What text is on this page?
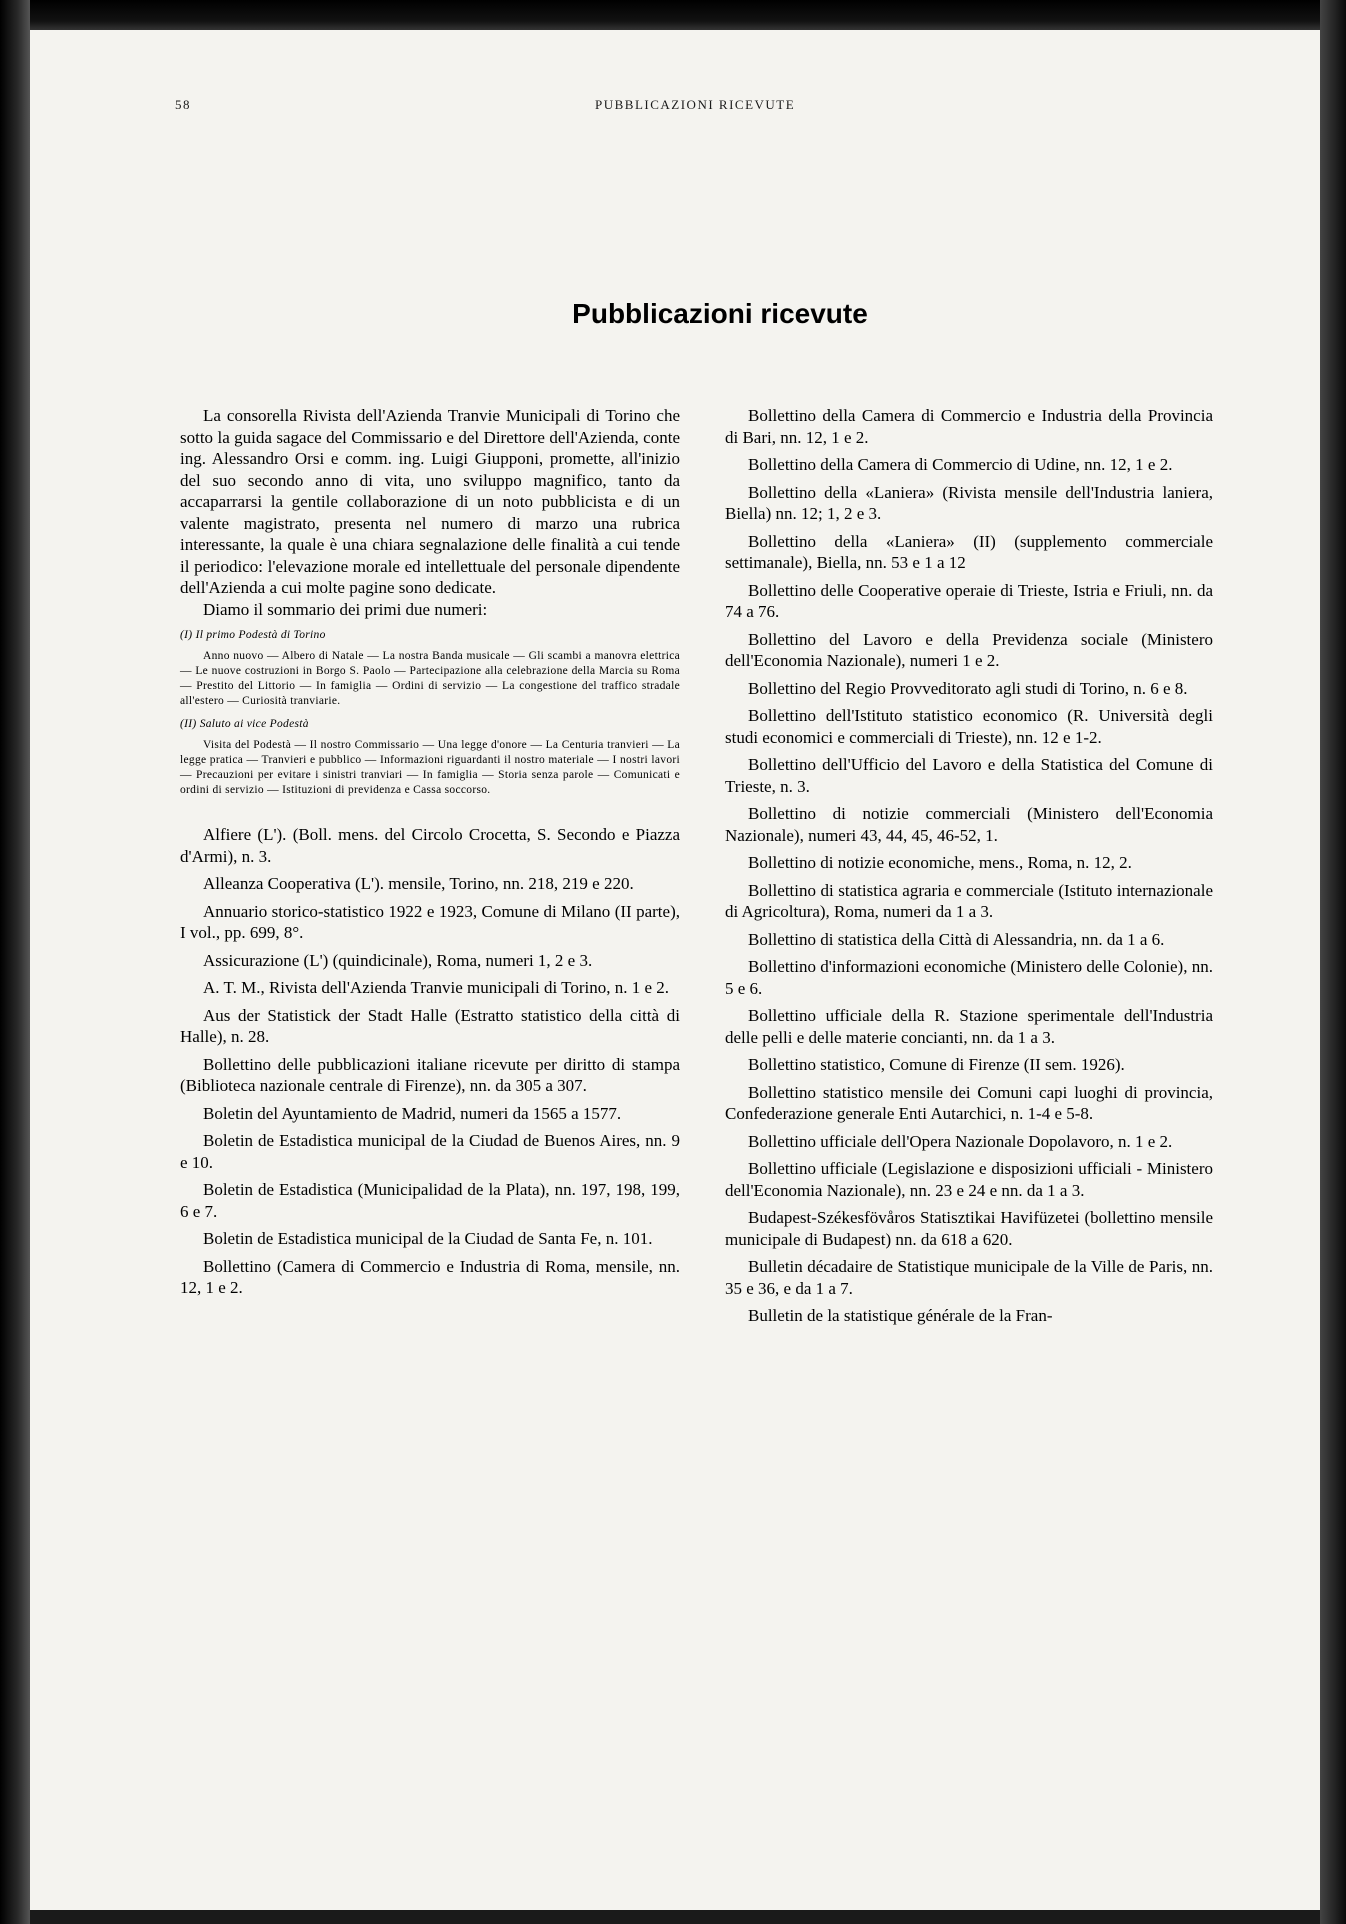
58	PUBBLICAZIONI RICEVUTE
Pubblicazioni ricevute

La consorella Rivista dell'Azienda Tranvie Municipali di Torino che sotto la guida sagace del Commissario e del Direttore dell'Azienda, conte ing. Alessandro Orsi e comm. ing. Luigi Giupponi, promette, all'inizio del suo secondo anno di vita, uno sviluppo magnifico, tanto da accaparrarsi la gentile collaborazione di un noto pubblicista e di un valente magistrato, presenta nel numero di marzo una rubrica interessante, la quale è una chiara segnalazione delle finalità a cui tende il periodico: l'elevazione morale ed intellettuale del personale dipendente dell'Azienda a cui molte pagine sono dedicate.

Diamo il sommario dei primi due numeri:

(I) Il primo Podestà di Torino

Anno nuovo — Albero di Natale — La nostra Banda musicale — Gli scambi a manovra elettrica — Le nuove costruzioni in Borgo S. Paolo — Partecipazione alla celebrazione della Marcia su Roma — Prestito del Littorio — In famiglia — Ordini di servizio — La congestione del traffico stradale all'estero — Curiosità tranviarie.

(II) Saluto ai vice Podestà

Visita del Podestà — Il nostro Commissario — Una legge d'onore — La Centuria tranvieri — La legge pratica — Tranvieri e pubblico — Informazioni riguardanti il nostro materiale — I nostri lavori — Precauzioni per evitare i sinistri tranviari — In famiglia — Storia senza parole — Comunicati e ordini di servizio — Istituzioni di previdenza e Cassa soccorso.

Alfiere (L'). (Boll. mens. del Circolo Crocetta, S. Secondo e Piazza d'Armi), n. 3.

Alleanza Cooperativa (L'). mensile, Torino, nn. 218, 219 e 220.

Annuario storico-statistico 1922 e 1923, Comune di Milano (II parte), I vol., pp. 699, 8°.

Assicurazione (L') (quindicinale), Roma, numeri 1, 2 e 3.

A. T. M., Rivista dell'Azienda Tranvie municipali di Torino, n. 1 e 2.

Aus der Statistick der Stadt Halle (Estratto statistico della città di Halle), n. 28.

Bollettino delle pubblicazioni italiane ricevute per diritto di stampa (Biblioteca nazionale centrale di Firenze), nn. da 305 a 307.

Boletin del Ayuntamiento de Madrid, numeri da 1565 a 1577.

Boletin de Estadistica municipal de la Ciudad de Buenos Aires, nn. 9 e 10.

Boletin de Estadistica (Municipalidad de la Plata), nn. 197, 198, 199, 6 e 7.

Boletin de Estadistica municipal de la Ciudad de Santa Fe, n. 101.

Bollettino (Camera di Commercio e Industria di Roma, mensile, nn. 12, 1 e 2.

Bollettino della Camera di Commercio e Industria della Provincia di Bari, nn. 12, 1 e 2.

Bollettino della Camera di Commercio di Udine, nn. 12, 1 e 2.

Bollettino della «Laniera» (Rivista mensile dell'Industria laniera, Biella) nn. 12; 1, 2 e 3.

Bollettino della «Laniera» (II) (supplemento commerciale settimanale), Biella, nn. 53 e 1 a 12

Bollettino delle Cooperative operaie di Trieste, Istria e Friuli, nn. da 74 a 76.

Bollettino del Lavoro e della Previdenza sociale (Ministero dell'Economia Nazionale), numeri 1 e 2.

Bollettino del Regio Provveditorato agli studi di Torino, n. 6 e 8.

Bollettino dell'Istituto statistico economico (R. Università degli studi economici e commerciali di Trieste), nn. 12 e 1-2.

Bollettino dell'Ufficio del Lavoro e della Statistica del Comune di Trieste, n. 3.

Bollettino di notizie commerciali (Ministero dell'Economia Nazionale), numeri 43, 44, 45, 46-52, 1.

Bollettino di notizie economiche, mens., Roma, n. 12, 2.

Bollettino di statistica agraria e commerciale (Istituto internazionale di Agricoltura), Roma, numeri da 1 a 3.

Bollettino di statistica della Città di Alessandria, nn. da 1 a 6.

Bollettino d'informazioni economiche (Ministero delle Colonie), nn. 5 e 6.

Bollettino ufficiale della R. Stazione sperimentale dell'Industria delle pelli e delle materie concianti, nn. da 1 a 3.

Bollettino statistico, Comune di Firenze (II sem. 1926).

Bollettino statistico mensile dei Comuni capi luoghi di provincia, Confederazione generale Enti Autarchici, n. 1-4 e 5-8.

Bollettino ufficiale dell'Opera Nazionale Dopolavoro, n. 1 e 2.

Bollettino ufficiale (Legislazione e disposizioni ufficiali - Ministero dell'Economia Nazionale), nn. 23 e 24 e nn. da 1 a 3.

Budapest-Székesfövåros Statisztikai Havifüzetei (bollettino mensile municipale di Budapest) nn. da 618 a 620.

Bulletin décadaire de Statistique municipale de la Ville de Paris, nn. 35 e 36, e da 1 a 7.

Bulletin de la statistique générale de la Fran-
